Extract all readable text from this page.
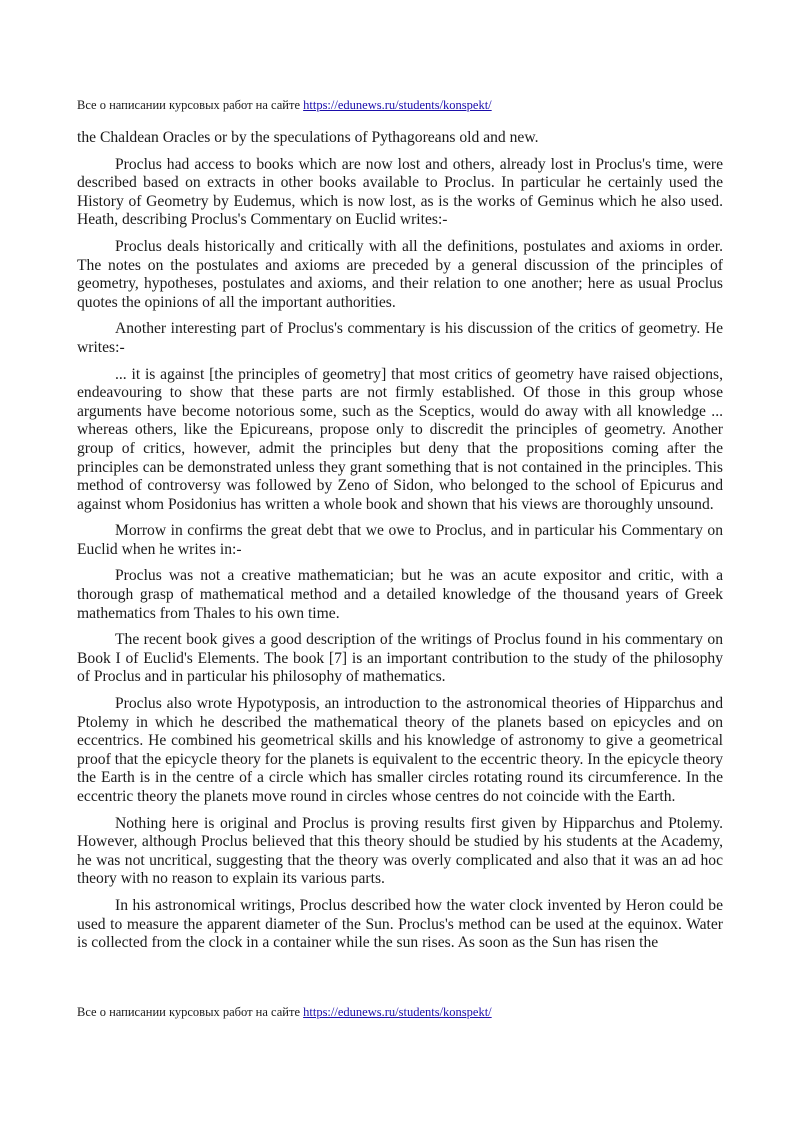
Все о написании курсовых работ на сайте https://edunews.ru/students/konspekt/

the Chaldean Oracles or by the speculations of Pythagoreans old and new.

Proclus had access to books which are now lost and others, already lost in Proclus's time, were described based on extracts in other books available to Proclus. In particular he certainly used the History of Geometry by Eudemus, which is now lost, as is the works of Geminus which he also used. Heath, describing Proclus's Commentary on Euclid writes:-

Proclus deals historically and critically with all the definitions, postulates and axioms in order. The notes on the postulates and axioms are preceded by a general discussion of the principles of geometry, hypotheses, postulates and axioms, and their relation to one another; here as usual Proclus quotes the opinions of all the important authorities.

Another interesting part of Proclus's commentary is his discussion of the critics of geometry. He writes:-

... it is against [the principles of geometry] that most critics of geometry have raised objections, endeavouring to show that these parts are not firmly established. Of those in this group whose arguments have become notorious some, such as the Sceptics, would do away with all knowledge ... whereas others, like the Epicureans, propose only to discredit the principles of geometry. Another group of critics, however, admit the principles but deny that the propositions coming after the principles can be demonstrated unless they grant something that is not contained in the principles. This method of controversy was followed by Zeno of Sidon, who belonged to the school of Epicurus and against whom Posidonius has written a whole book and shown that his views are thoroughly unsound.

Morrow in confirms the great debt that we owe to Proclus, and in particular his Commentary on Euclid when he writes in:-

Proclus was not a creative mathematician; but he was an acute expositor and critic, with a thorough grasp of mathematical method and a detailed knowledge of the thousand years of Greek mathematics from Thales to his own time.

The recent book gives a good description of the writings of Proclus found in his commentary on Book I of Euclid's Elements. The book [7] is an important contribution to the study of the philosophy of Proclus and in particular his philosophy of mathematics.

Proclus also wrote Hypotyposis, an introduction to the astronomical theories of Hipparchus and Ptolemy in which he described the mathematical theory of the planets based on epicycles and on eccentrics. He combined his geometrical skills and his knowledge of astronomy to give a geometrical proof that the epicycle theory for the planets is equivalent to the eccentric theory. In the epicycle theory the Earth is in the centre of a circle which has smaller circles rotating round its circumference. In the eccentric theory the planets move round in circles whose centres do not coincide with the Earth.

Nothing here is original and Proclus is proving results first given by Hipparchus and Ptolemy. However, although Proclus believed that this theory should be studied by his students at the Academy, he was not uncritical, suggesting that the theory was overly complicated and also that it was an ad hoc theory with no reason to explain its various parts.

In his astronomical writings, Proclus described how the water clock invented by Heron could be used to measure the apparent diameter of the Sun. Proclus's method can be used at the equinox. Water is collected from the clock in a container while the sun rises. As soon as the Sun has risen the

Все о написании курсовых работ на сайте https://edunews.ru/students/konspekt/
